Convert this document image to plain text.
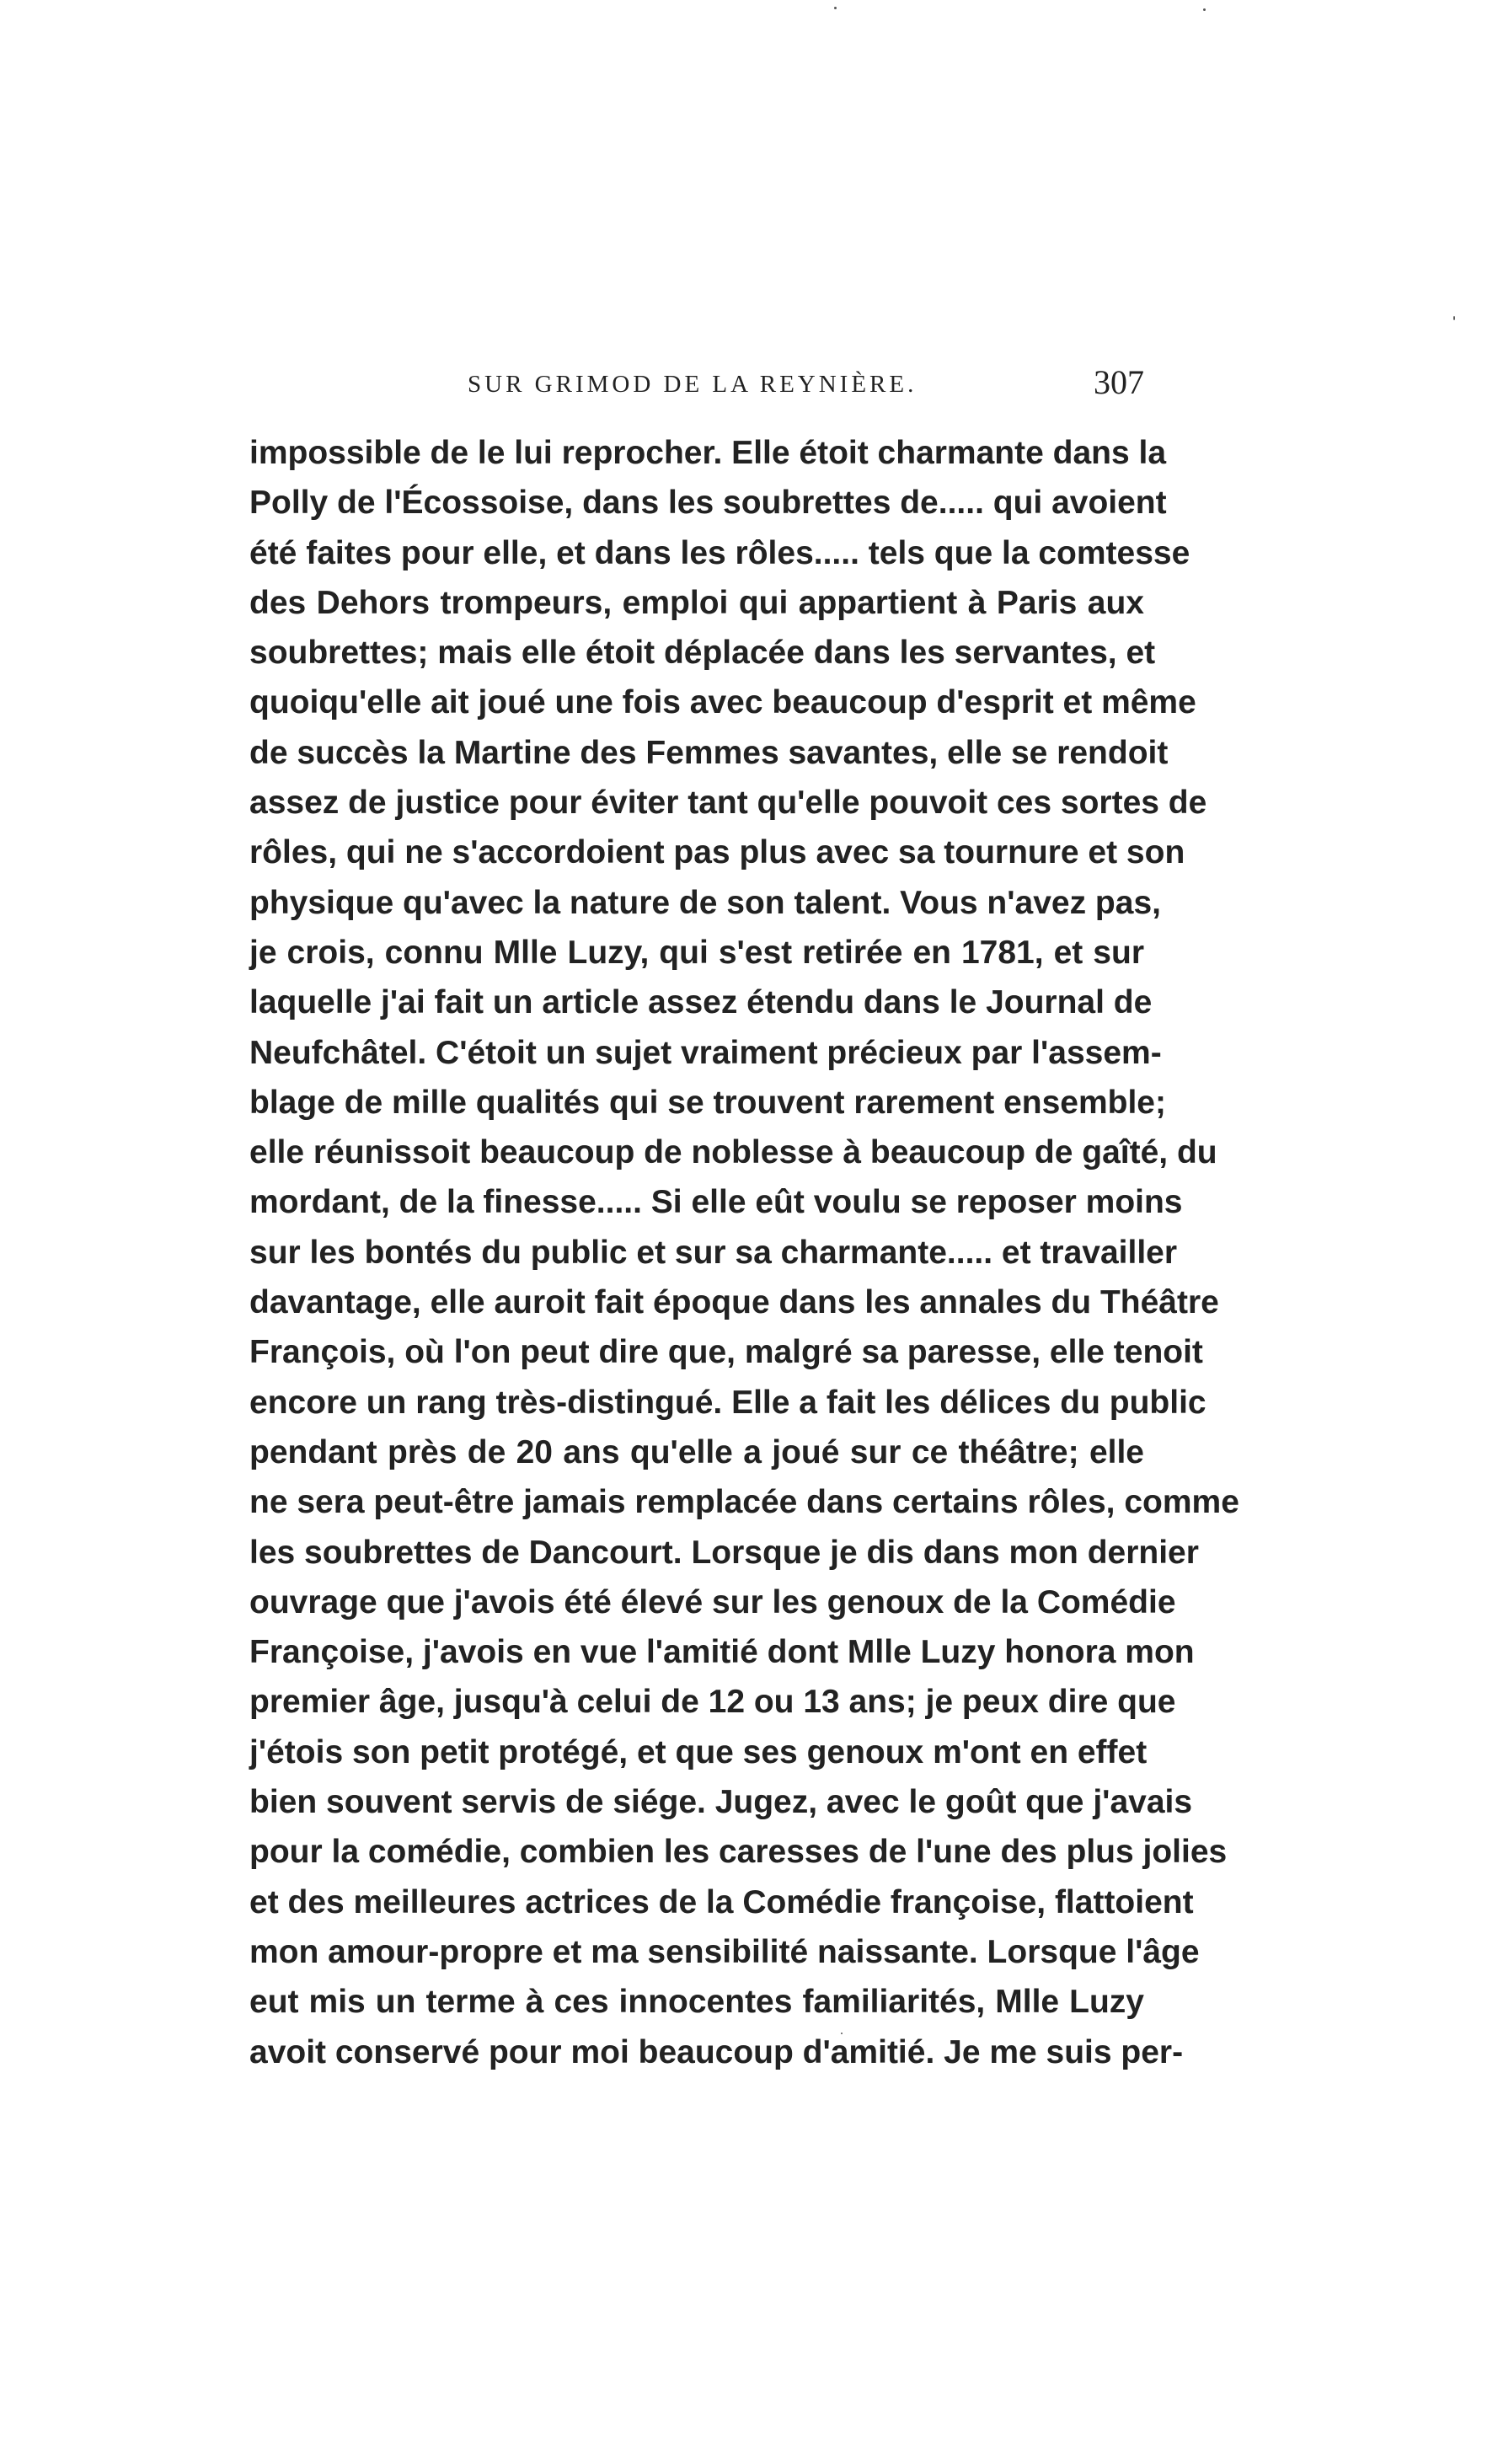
SUR GRIMOD DE LA REYNIÈRE.	307
impossible de le lui reprocher. Elle étoit charmante dans la
Polly de l'Écossoise, dans les soubrettes de..... qui avoient
été faites pour elle, et dans les rôles..... tels que la comtesse
des Dehors trompeurs, emploi qui appartient à Paris aux
soubrettes; mais elle étoit déplacée dans les servantes, et
quoiqu'elle ait joué une fois avec beaucoup d'esprit et même
de succès la Martine des Femmes savantes, elle se rendoit
assez de justice pour éviter tant qu'elle pouvoit ces sortes de
rôles, qui ne s'accordoient pas plus avec sa tournure et son
physique qu'avec la nature de son talent. Vous n'avez pas,
je crois, connu Mlle Luzy, qui s'est retirée en 1781, et sur
laquelle j'ai fait un article assez étendu dans le Journal de
Neufchâtel. C'étoit un sujet vraiment précieux par l'assem-
blage de mille qualités qui se trouvent rarement ensemble;
elle réunissoit beaucoup de noblesse à beaucoup de gaîté, du
mordant, de la finesse..... Si elle eût voulu se reposer moins
sur les bontés du public et sur sa charmante..... et travailler
davantage, elle auroit fait époque dans les annales du Théâtre
François, où l'on peut dire que, malgré sa paresse, elle tenoit
encore un rang très-distingué. Elle a fait les délices du public
pendant près de 20 ans qu'elle a joué sur ce théâtre; elle
ne sera peut-être jamais remplacée dans certains rôles, comme
les soubrettes de Dancourt. Lorsque je dis dans mon dernier
ouvrage que j'avois été élevé sur les genoux de la Comédie
Françoise, j'avois en vue l'amitié dont Mlle Luzy honora mon
premier âge, jusqu'à celui de 12 ou 13 ans; je peux dire que
j'étois son petit protégé, et que ses genoux m'ont en effet
bien souvent servis de siége. Jugez, avec le goût que j'avais
pour la comédie, combien les caresses de l'une des plus jolies
et des meilleures actrices de la Comédie françoise, flattoient
mon amour-propre et ma sensibilité naissante. Lorsque l'âge
eut mis un terme à ces innocentes familiarités, Mlle Luzy
avoit conservé pour moi beaucoup d'amitié. Je me suis per-
